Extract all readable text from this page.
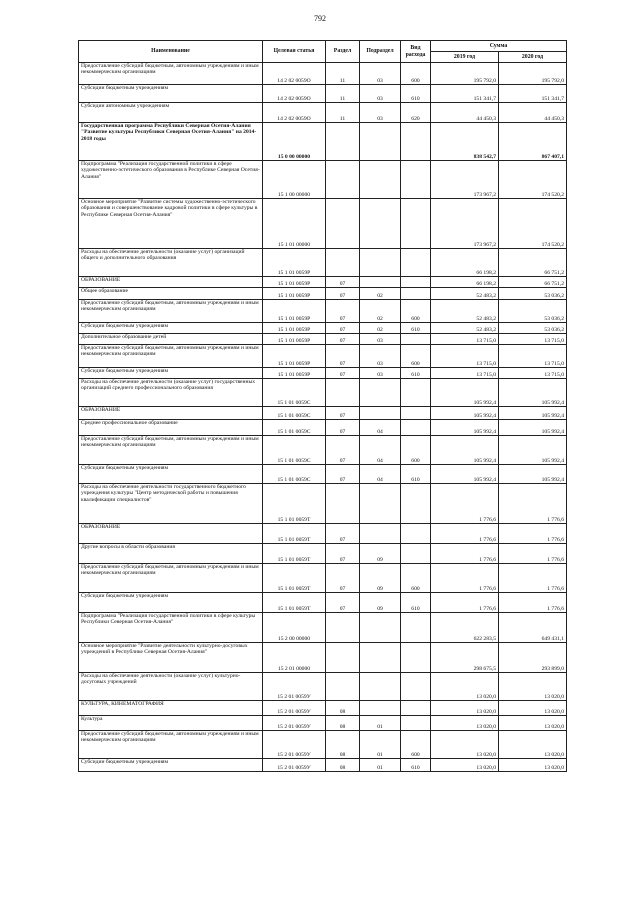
792
Наименование	Целевая статья	Раздел	Подраздел	Вид расхода	Сумма	
					2019 год	2020 год
Предоставление субсидий бюджетным, автономным учреждениям и иным некоммерческим организациям	14 2 02 0059О	11	03	600	195 792,0	195 792,0
Субсидии бюджетным учреждениям	14 2 02 0059О	11	03	610	151 341,7	151 341,7
Субсидии автономным учреждениям	14 2 02 0059О	11	03	620	44 450,3	44 450,3
Государственная программа Республики Северная Осетия-Алания "Развитие культуры Республики Северная Осетия-Алания" на 2014-2018 годы	15 0 00 00000				838 542,7	867 407,1
Подпрограмма "Реализация государственной политики в сфере художественно-эстетического образования в Республике Северная Осетия-Алания"	15 1 00 00000				173 967,2	174 520,2
Основное мероприятие "Развитие системы художественно-эстетического образования и совершенствование кадровой политики в сфере культуры в Республике Северная Осетия-Алания"	15 1 01 00000				173 967,2	174 520,2
Расходы на обеспечение деятельности (оказание услуг) организаций общего и дополнительного образования	15 1 01 0059Р				66 198,2	66 751,2
ОБРАЗОВАНИЕ	15 1 01 0059Р	07			66 198,2	66 751,2
Общее образование	15 1 01 0059Р	07	02		52 483,2	53 036,2
Предоставление субсидий бюджетным, автономным учреждениям и иным некоммерческим организациям	15 1 01 0059Р	07	02	600	52 483,2	53 036,2
Субсидии бюджетным учреждениям	15 1 01 0059Р	07	02	610	52 483,2	53 036,2
Дополнительное образование детей	15 1 01 0059Р	07	03		13 715,0	13 715,0
Предоставление субсидий бюджетным, автономным учреждениям и иным некоммерческим организациям	15 1 01 0059Р	07	03	600	13 715,0	13 715,0
Субсидии бюджетным учреждениям	15 1 01 0059Р	07	03	610	13 715,0	13 715,0
Расходы на обеспечение деятельности (оказание услуг) государственных организаций среднего профессионального образования	15 1 01 0059С				105 992,4	105 992,4
ОБРАЗОВАНИЕ	15 1 01 0059С	07			105 992,4	105 992,4
Среднее профессиональное образование	15 1 01 0059С	07	04		105 992,4	105 992,4
Предоставление субсидий бюджетным, автономным учреждениям и иным некоммерческим организациям	15 1 01 0059С	07	04	600	105 992,4	105 992,4
Субсидии бюджетным учреждениям	15 1 01 0059С	07	04	610	105 992,4	105 992,4
Расходы на обеспечение деятельности государственного бюджетного учреждения культуры "Центр методической работы и повышения квалификации специалистов"	15 1 01 0059Т				1 776,6	1 776,6
ОБРАЗОВАНИЕ	15 1 01 0059Т	07			1 776,6	1 776,6
Другие вопросы в области образования	15 1 01 0059Т	07	09		1 776,6	1 776,6
Предоставление субсидий бюджетным, автономным учреждениям и иным некоммерческим организациям	15 1 01 0059Т	07	09	600	1 776,6	1 776,6
Субсидии бюджетным учреждениям	15 1 01 0059Т	07	09	610	1 776,6	1 776,6
Подпрограмма "Реализация государственной политики в сфере культуры Республики Северная Осетия-Алания"	15 2 00 00000				622 283,5	649 431,1
Основное мероприятие "Развитие деятельности культурно-досуговых учреждений в Республике Северная Осетия-Алания"	15 2 01 00000				298 675,5	293 899,0
Расходы на обеспечение деятельности (оказание услуг) культурно-досуговых учреждений	15 2 01 0059У				13 020,0	13 020,0
КУЛЬТУРА, КИНЕМАТОГРАФИЯ	15 2 01 0059У	08			13 020,0	13 020,0
Культура	15 2 01 0059У	08	01		13 020,0	13 020,0
Предоставление субсидий бюджетным, автономным учреждениям и иным некоммерческим организациям	15 2 01 0059У	08	01	600	13 020,0	13 020,0
Субсидии бюджетным учреждениям	15 2 01 0059У	08	01	610	13 020,0	13 020,0
